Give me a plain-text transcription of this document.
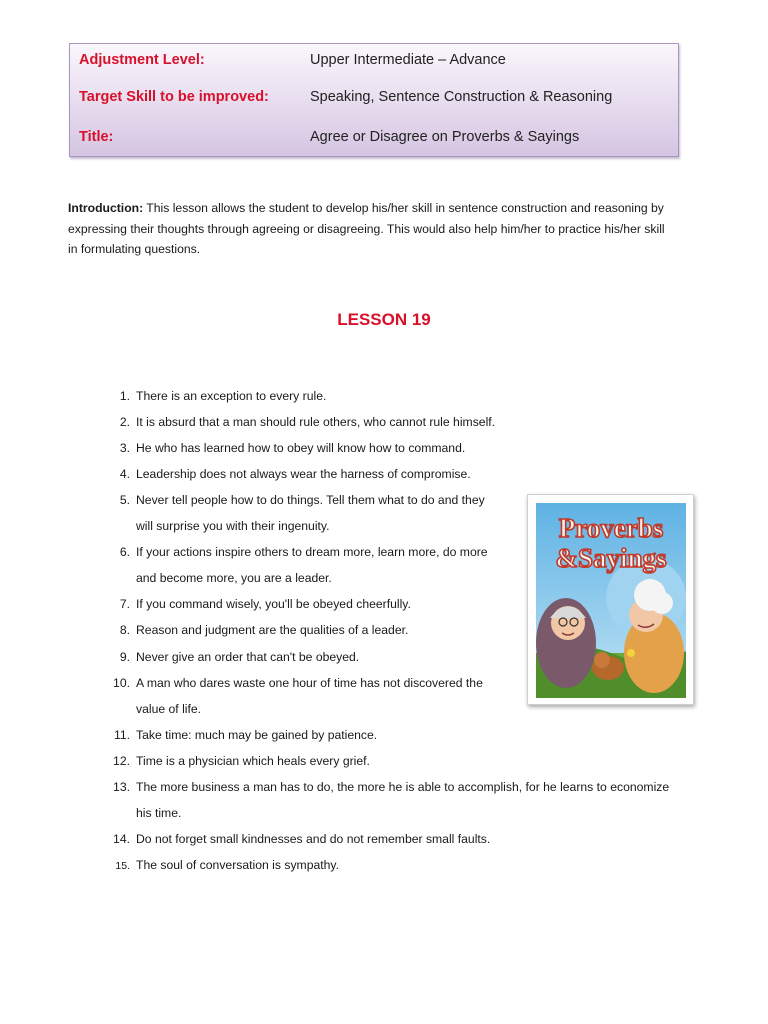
Adjustment Level:	Upper Intermediate – Advance
Target Skill to be improved:	Speaking, Sentence Construction & Reasoning
Title:	Agree or Disagree on Proverbs & Sayings
Introduction: This lesson allows the student to develop his/her skill in sentence construction and reasoning by
expressing their thoughts through agreeing or disagreeing. This would also help him/her to practice his/her skill
in formulating questions.
LESSON 19
1. There is an exception to every rule.
2. It is absurd that a man should rule others, who cannot rule himself.
3. He who has learned how to obey will know how to command.
4. Leadership does not always wear the harness of compromise.
5. Never tell people how to do things. Tell them what to do and they
will surprise you with their ingenuity.
6. If your actions inspire others to dream more, learn more, do more
and become more, you are a leader.
7. If you command wisely, you'll be obeyed cheerfully.
8. Reason and judgment are the qualities of a leader.
9. Never give an order that can't be obeyed.
10. A man who dares waste one hour of time has not discovered the
value of life.
11. Take time: much may be gained by patience.
12. Time is a physician which heals every grief.
13. The more business a man has to do, the more he is able to accomplish, for he learns to economize
his time.
14. Do not forget small kindnesses and do not remember small faults.
15. The soul of conversation is sympathy.
Proverbs
&Sayings
